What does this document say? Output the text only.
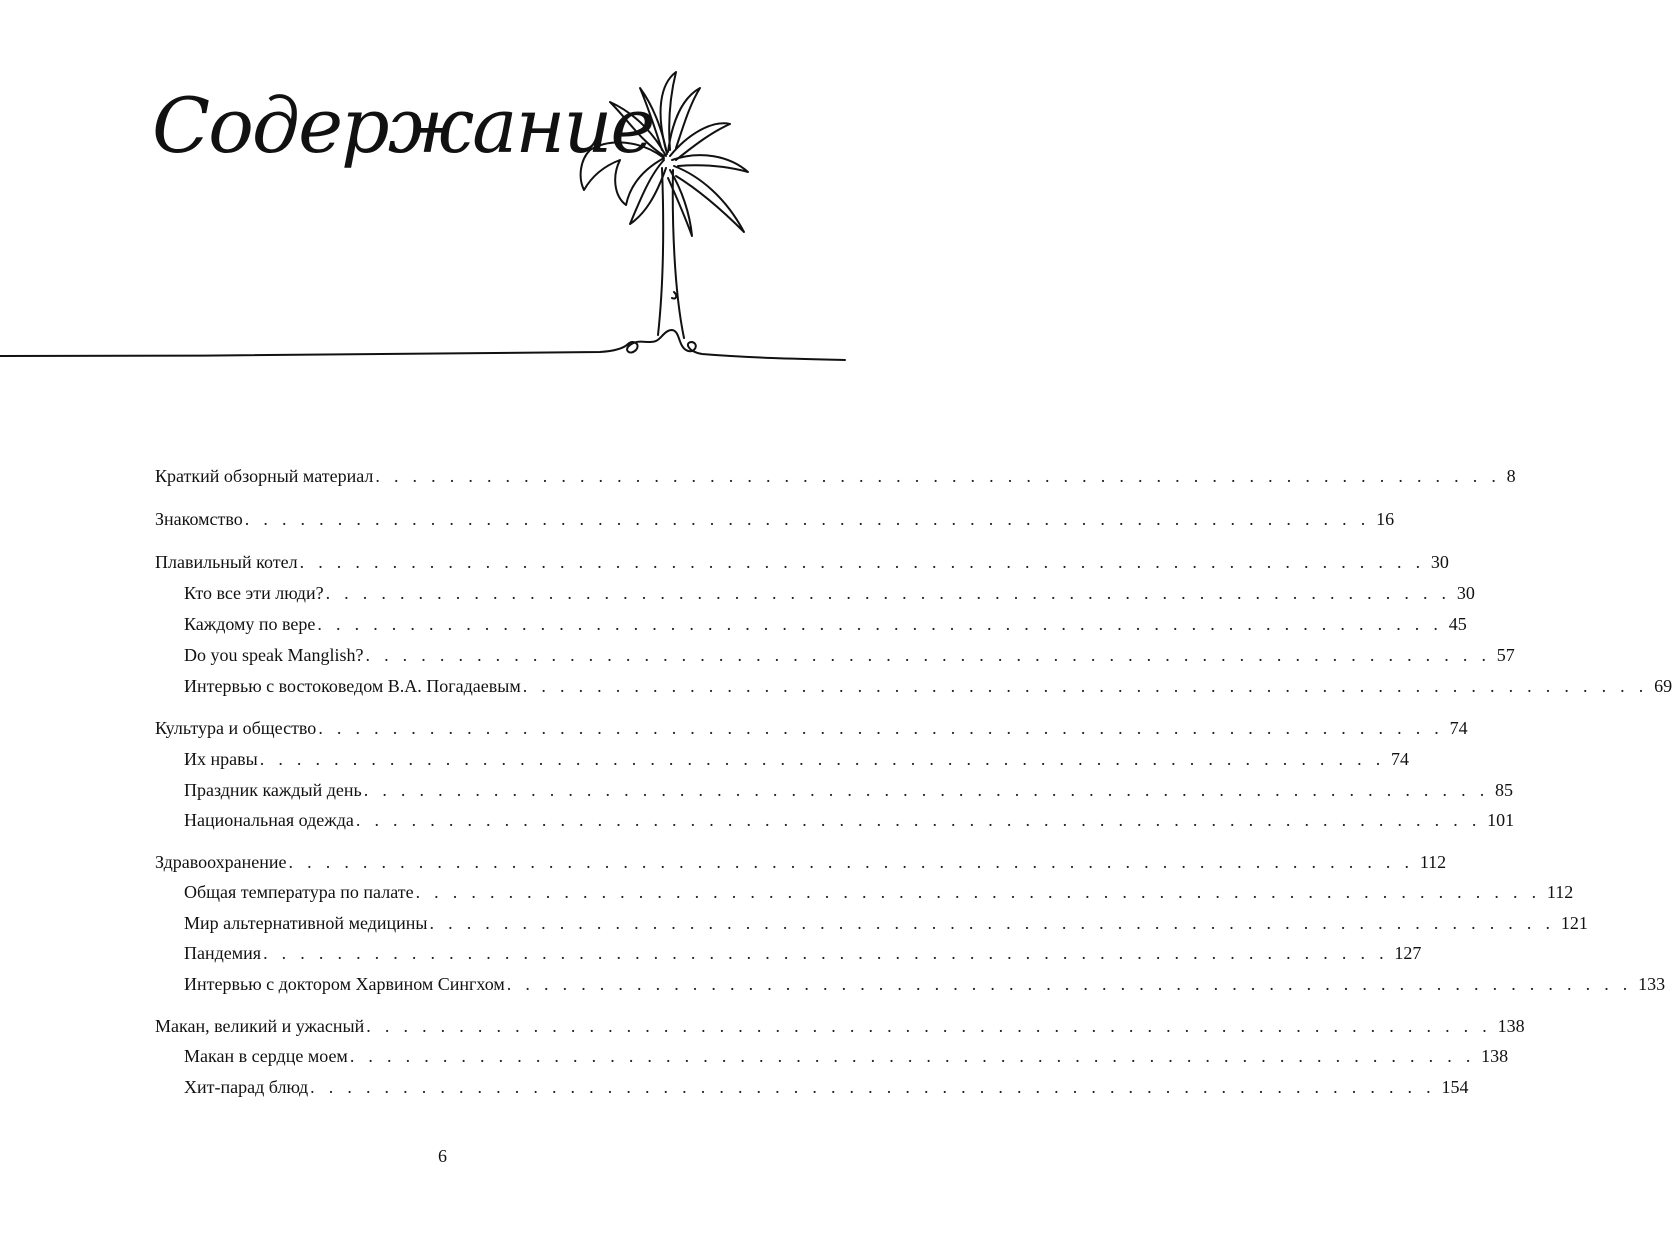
Содержание
Краткий обзорный материал . . . . . . . . . . . . . . . . . . . . . . . . . . . . . . . . . . . . . . . . . . . . . . . . . . . . . . . . . . . . . 8
Знакомство . . . . . . . . . . . . . . . . . . . . . . . . . . . . . . . . . . . . . . . . . . . . . . . . . . . . . . . . . . . . . 16
Плавильный котел . . . . . . . . . . . . . . . . . . . . . . . . . . . . . . . . . . . . . . . . . . . . . . . . . . . . . . . . . . . . . 30
Кто все эти люди? . . . . . . . . . . . . . . . . . . . . . . . . . . . . . . . . . . . . . . . . . . . . . . . . . . . . . . . . . . . . . 30
Каждому по вере . . . . . . . . . . . . . . . . . . . . . . . . . . . . . . . . . . . . . . . . . . . . . . . . . . . . . . . . . . . . . 45
Do you speak Manglish? . . . . . . . . . . . . . . . . . . . . . . . . . . . . . . . . . . . . . . . . . . . . . . . . . . . . . . . . . . . . . 57
Интервью с востоковедом В.А. Погадаевым . . . . . . . . . . . . . . . . . . . . . . . . . . . . . . . . . . . . . . . . . . . . . . . . . . . . . . . . . . . . . 69
Культура и общество . . . . . . . . . . . . . . . . . . . . . . . . . . . . . . . . . . . . . . . . . . . . . . . . . . . . . . . . . . . . . 74
Их нравы . . . . . . . . . . . . . . . . . . . . . . . . . . . . . . . . . . . . . . . . . . . . . . . . . . . . . . . . . . . . . 74
Праздник каждый день . . . . . . . . . . . . . . . . . . . . . . . . . . . . . . . . . . . . . . . . . . . . . . . . . . . . . . . . . . . . . 85
Национальная одежда . . . . . . . . . . . . . . . . . . . . . . . . . . . . . . . . . . . . . . . . . . . . . . . . . . . . . . . . . . . . . 101
Здравоохранение . . . . . . . . . . . . . . . . . . . . . . . . . . . . . . . . . . . . . . . . . . . . . . . . . . . . . . . . . . . . . 112
Общая температура по палате . . . . . . . . . . . . . . . . . . . . . . . . . . . . . . . . . . . . . . . . . . . . . . . . . . . . . . . . . . . . . 112
Мир альтернативной медицины . . . . . . . . . . . . . . . . . . . . . . . . . . . . . . . . . . . . . . . . . . . . . . . . . . . . . . . . . . . . . 121
Пандемия . . . . . . . . . . . . . . . . . . . . . . . . . . . . . . . . . . . . . . . . . . . . . . . . . . . . . . . . . . . . . 127
Интервью с доктором Харвином Сингхом . . . . . . . . . . . . . . . . . . . . . . . . . . . . . . . . . . . . . . . . . . . . . . . . . . . . . . . . . . . . . 133
Макан, великий и ужасный . . . . . . . . . . . . . . . . . . . . . . . . . . . . . . . . . . . . . . . . . . . . . . . . . . . . . . . . . . . . . 138
Макан в сердце моем . . . . . . . . . . . . . . . . . . . . . . . . . . . . . . . . . . . . . . . . . . . . . . . . . . . . . . . . . . . . . 138
Хит-парад блюд . . . . . . . . . . . . . . . . . . . . . . . . . . . . . . . . . . . . . . . . . . . . . . . . . . . . . . . . . . . . . 154
6
